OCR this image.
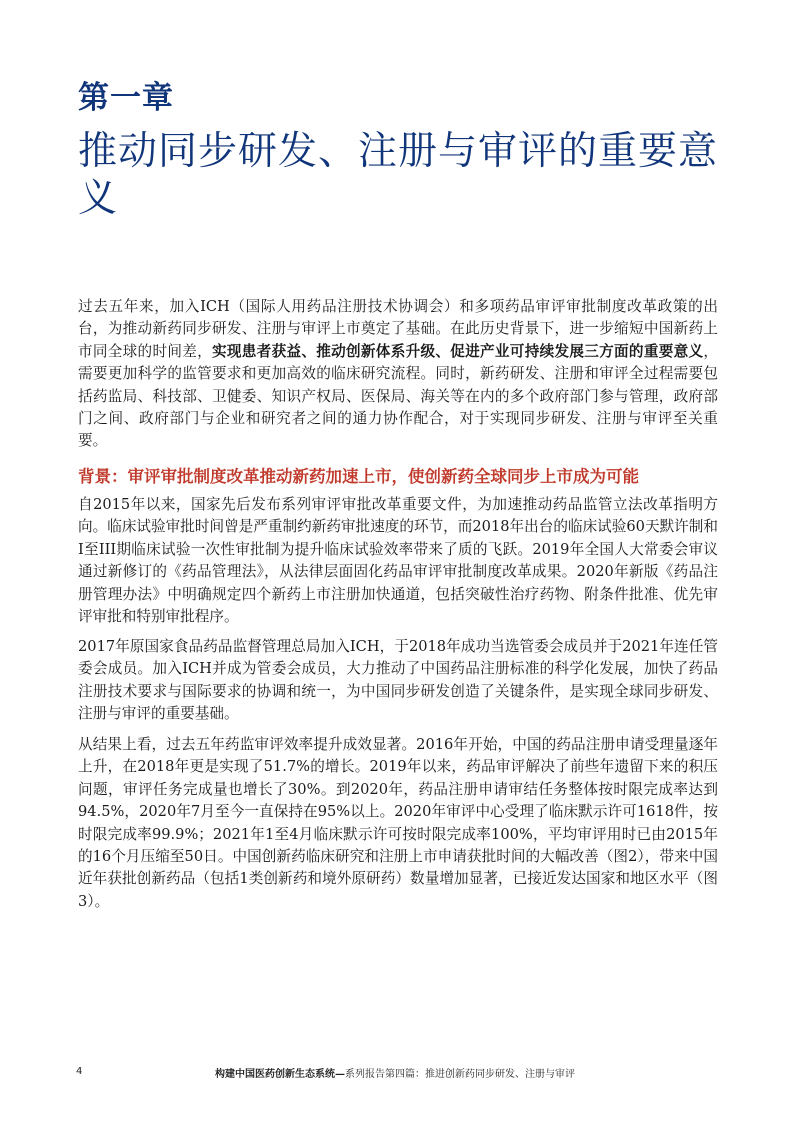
第一章
推动同步研发、注册与审评的重要意义
过去五年来，加入ICH（国际人用药品注册技术协调会）和多项药品审评审批制度改革政策的出台，为推动新药同步研发、注册与审评上市奠定了基础。在此历史背景下，进一步缩短中国新药上市同全球的时间差，实现患者获益、推动创新体系升级、促进产业可持续发展三方面的重要意义，需要更加科学的监管要求和更加高效的临床研究流程。同时，新药研发、注册和审评全过程需要包括药监局、科技部、卫健委、知识产权局、医保局、海关等在内的多个政府部门参与管理，政府部门之间、政府部门与企业和研究者之间的通力协作配合，对于实现同步研发、注册与审评至关重要。
背景：审评审批制度改革推动新药加速上市，使创新药全球同步上市成为可能
自2015年以来，国家先后发布系列审评审批改革重要文件，为加速推动药品监管立法改革指明方向。临床试验审批时间曾是严重制约新药审批速度的环节，而2018年出台的临床试验60天默许制和I至III期临床试验一次性审批制为提升临床试验效率带来了质的飞跃。2019年全国人大常委会审议通过新修订的《药品管理法》，从法律层面固化药品审评审批制度改革成果。2020年新版《药品注册管理办法》中明确规定四个新药上市注册加快通道，包括突破性治疗药物、附条件批准、优先审评审批和特别审批程序。
2017年原国家食品药品监督管理总局加入ICH，于2018年成功当选管委会成员并于2021年连任管委会成员。加入ICH并成为管委会成员，大力推动了中国药品注册标准的科学化发展，加快了药品注册技术要求与国际要求的协调和统一，为中国同步研发创造了关键条件，是实现全球同步研发、注册与审评的重要基础。
从结果上看，过去五年药监审评效率提升成效显著。2016年开始，中国的药品注册申请受理量逐年上升，在2018年更是实现了51.7%的增长。2019年以来，药品审评解决了前些年遗留下来的积压问题，审评任务完成量也增长了30%。到2020年，药品注册申请审结任务整体按时限完成率达到94.5%，2020年7月至今一直保持在95%以上。2020年审评中心受理了临床默示许可1618件，按时限完成率99.9%；2021年1至4月临床默示许可按时限完成率100%，平均审评用时已由2015年的16个月压缩至50日。中国创新药临床研究和注册上市申请获批时间的大幅改善（图2），带来中国近年获批创新药品（包括1类创新药和境外原研药）数量增加显著，已接近发达国家和地区水平（图3）。
4	构建中国医药创新生态系统—系列报告第四篇：推进创新药同步研发、注册与审评
